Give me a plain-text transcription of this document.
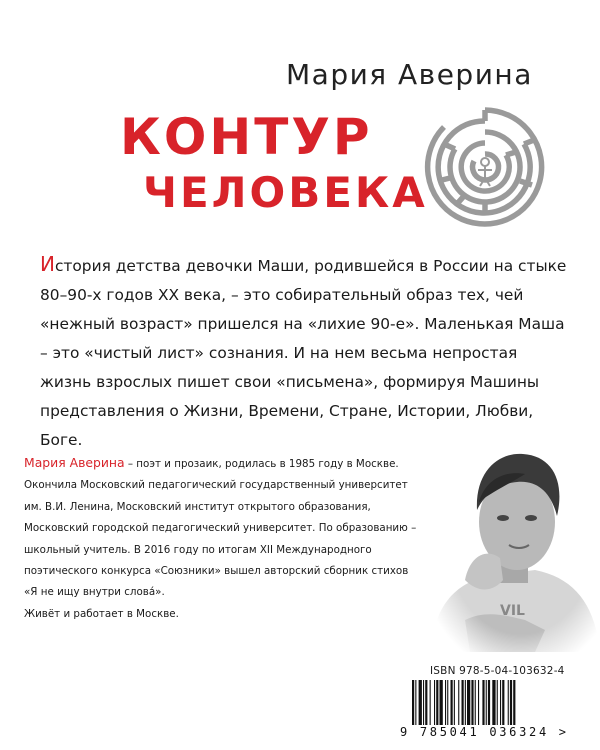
Мария Аверина
КОНТУР
ЧЕЛОВЕКА
История детства девочки Маши, родившейся в России на стыке 80–90-х годов XX века, – это собирательный образ тех, чей «нежный возраст» пришелся на «лихие 90-е». Маленькая Маша – это «чистый лист» сознания. И на нем весьма непростая жизнь взрослых пишет свои «письмена», формируя Машины представления о Жизни, Времени, Стране, Истории, Любви, Боге.
Мария Аверина – поэт и прозаик, родилась в 1985 году в Москве. Окончила Московский педагогический государственный университет им. В.И. Ленина, Московский институт открытого образования, Московский городской педагогический университет. По образованию – школьный учитель. В 2016 году по итогам XII Международного поэтического конкурса «Союзники» вышел авторский сборник стихов «Я не ищу внутри слова́».
Живёт и работает в Москве.
ISBN 978-5-04-103632-4
9 785041 036324 >
